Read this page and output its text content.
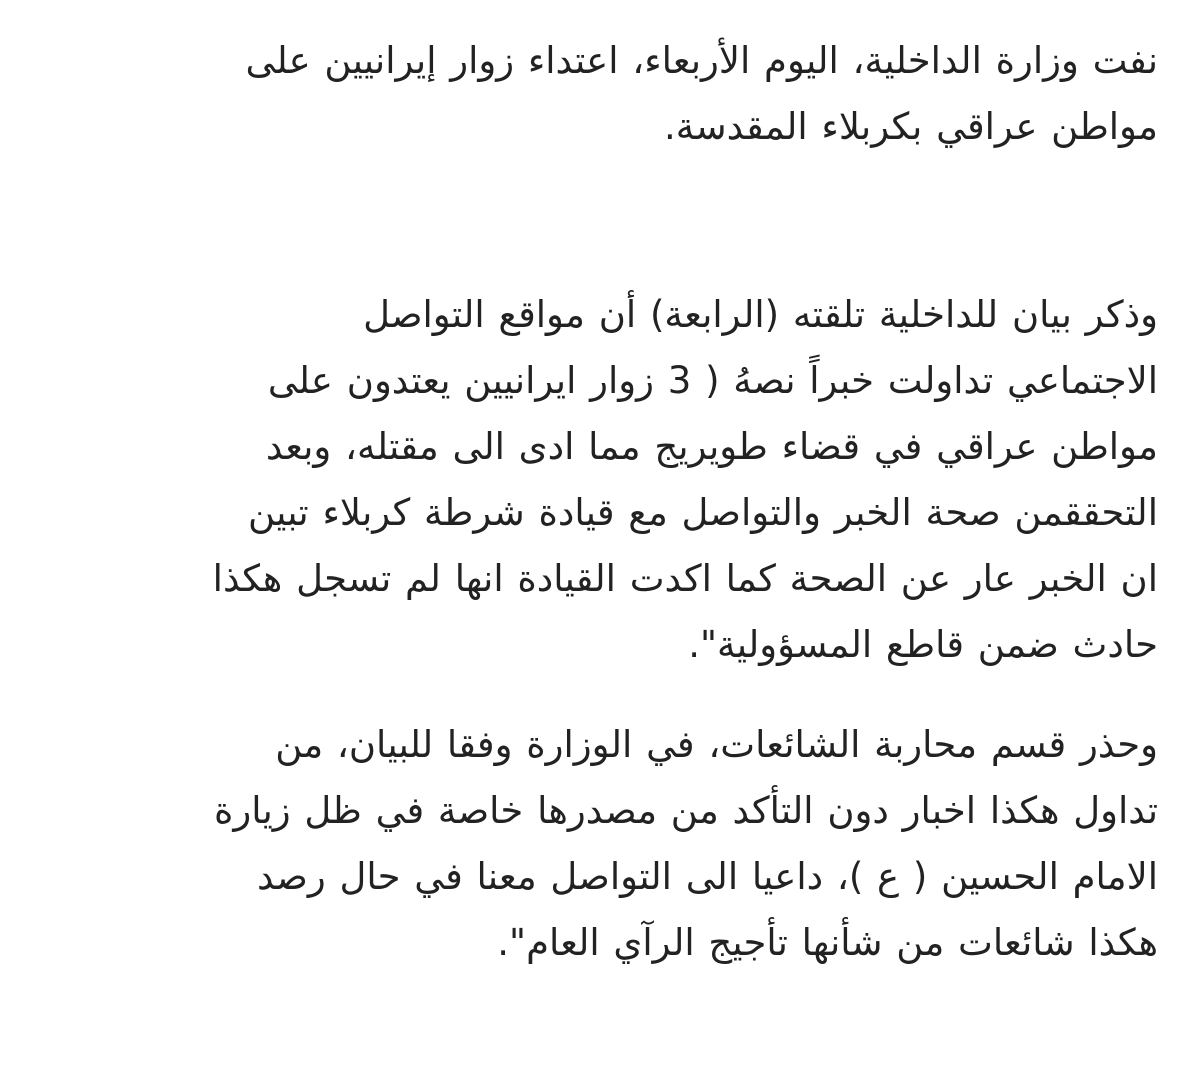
نفت وزارة الداخلية، اليوم الأربعاء، اعتداء زوار إيرانيين على
مواطن عراقي بكربلاء المقدسة.

وذكر بيان للداخلية تلقته (الرابعة) أن مواقع التواصل
الاجتماعي تداولت خبراً نصهُ ( 3 زوار ايرانيين يعتدون على
مواطن عراقي في قضاء طويريج مما ادى الى مقتله، وبعد
التحققمن صحة الخبر والتواصل مع قيادة شرطة كربلاء تبين
ان الخبر عار عن الصحة كما اكدت القيادة انها لم تسجل هكذا
حادث ضمن قاطع المسؤولية".

وحذر قسم محاربة الشائعات، في الوزارة وفقا للبيان، من
تداول هكذا اخبار دون التأكد من مصدرها خاصة في ظل زيارة
الامام الحسين ( ع )، داعيا الى التواصل معنا في حال رصد
هكذا شائعات من شأنها تأجيج الرآي العام".
